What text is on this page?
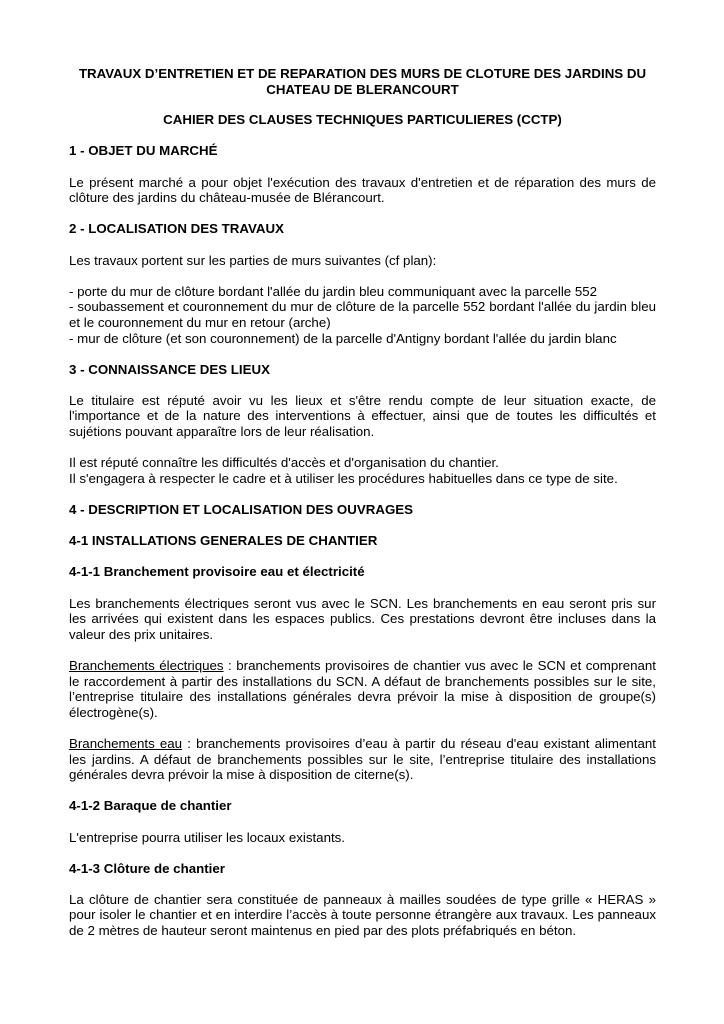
TRAVAUX D’ENTRETIEN ET DE REPARATION DES MURS DE CLOTURE DES JARDINS DU CHATEAU DE BLERANCOURT

CAHIER DES CLAUSES TECHNIQUES PARTICULIERES (CCTP)

1 - OBJET DU MARCHÉ

Le présent marché a pour objet l'exécution des travaux d'entretien et de réparation des murs de clôture des jardins du château-musée de Blérancourt.

2 - LOCALISATION DES TRAVAUX

Les travaux portent sur les parties de murs suivantes (cf plan):

- porte du mur de clôture bordant l'allée du jardin bleu communiquant avec la parcelle 552

- soubassement et couronnement du mur de clôture de la parcelle 552 bordant l'allée du jardin bleu et le couronnement du mur en retour (arche)

- mur de clôture (et son couronnement) de la parcelle d'Antigny bordant l'allée du jardin blanc

3 - CONNAISSANCE DES LIEUX

Le titulaire est réputé avoir vu les lieux et s'être rendu compte de leur situation exacte, de l'importance et de la nature des interventions à effectuer, ainsi que de toutes les difficultés et sujétions pouvant apparaître lors de leur réalisation.

Il est réputé connaître les difficultés d'accès et d'organisation du chantier.

Il s'engagera à respecter le cadre et à utiliser les procédures habituelles dans ce type de site.

4 - DESCRIPTION ET LOCALISATION DES OUVRAGES
4-1 INSTALLATIONS GENERALES DE CHANTIER
4-1-1 Branchement provisoire eau et électricité

Les branchements électriques seront vus avec le SCN. Les branchements en eau seront pris sur les arrivées qui existent dans les espaces publics. Ces prestations devront être incluses dans la valeur des prix unitaires.

Branchements électriques : branchements provisoires de chantier vus avec le SCN et comprenant le raccordement à partir des installations du SCN. A défaut de branchements possibles sur le site, l’entreprise titulaire des installations générales devra prévoir la mise à disposition de groupe(s) électrogène(s).

Branchements eau : branchements provisoires d’eau à partir du réseau d'eau existant alimentant les jardins. A défaut de branchements possibles sur le site, l’entreprise titulaire des installations générales devra prévoir la mise à disposition de citerne(s).

4-1-2 Baraque de chantier

L'entreprise pourra utiliser les locaux existants.

4-1-3 Clôture de chantier

La clôture de chantier sera constituée de panneaux à mailles soudées de type grille « HERAS » pour isoler le chantier et en interdire l’accès à toute personne étrangère aux travaux. Les panneaux de 2 mètres de hauteur seront maintenus en pied par des plots préfabriqués en béton.
